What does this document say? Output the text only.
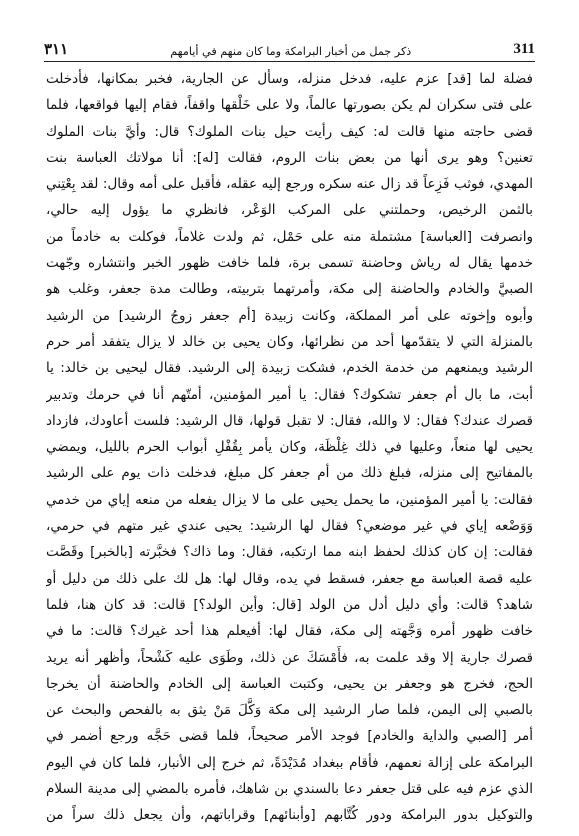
٣١١	ذكر جمل من أخبار البرامكة وما كان منهم في أيامهم	311
فضلة لما [قد] عزم عليه، فدخل منزله، وسأل عن الجارية، فخبر بمكانها، فأدخلت
على فتى سكران لم يكن بصورتها عالماً، ولا على خَلْقها واقفاً، فقام إليها فواقعها، فلما
قضى حاجته منها قالت له: كيف رأيت حيل بنات الملوك؟ قال: وأيَّ بنات الملوك
تعنين؟ وهو يرى أنها من بعض بنات الروم، فقالت [له]: أنا مولاتك العباسة بنت
المهدي، فوثب فَزِعاً قد زال عنه سكره ورجع إليه عقله، فأقبل على أمه وقال: لقد بِعْتِني
بالثمن الرخيص، وحملتني على المركب الوَعْر، فانظري ما يؤول إليه حالي،
وانصرفت [العباسة] مشتملة منه على حَمْل، ثم ولدت غلاماً، فوكلت به خادماً من
خدمها يقال له رياش وحاضنة تسمى برة، فلما خافت ظهور الخبر وانتشاره وجّهت
الصبيَّ والخادم والحاضنة إلى مكة، وأمرتهما بتربيته، وطالت مدة جعفر، وغلب هو
وأبوه وإخوته على أمر المملكة، وكانت زبيدة [أم جعفر زوجُ الرشيد] من الرشيد
بالمنزلة التي لا يتقدّمها أحد من نظرائها، وكان يحيى بن خالد لا يزال يتفقد أمر حرم
الرشيد ويمنعهم من خدمة الخدم، فشكت زبيدة إلى الرشيد. فقال ليحيى بن خالد: يا
أبت، ما بال أم جعفر تشكوك؟ فقال: يا أمير المؤمنين، أمتّهم أنا في حرمك وتدبير
قصرك عندك؟ فقال: لا والله، فقال: لا تقبل قولها، قال الرشيد: فلست أعاودك، فازداد
يحيى لها منعاً، وعليها في ذلك غِلْظَة، وكان يأمر بِقُفْلِ أبواب الحرم بالليل، ويمضي
بالمفاتيح إلى منزله، فبلغ ذلك من أم جعفر كل مبلغ، فدخلت ذات يوم على الرشيد
فقالت: يا أمير المؤمنين، ما يحمل يحيى على ما لا يزال يفعله من منعه إياي من خدمي
وَوَضْعه إياي في غير موضعي؟ فقال لها الرشيد: يحيى عندي غير متهم في حرمي،
فقالت: إن كان كذلك لحفظ ابنه مما ارتكبه، فقال: وما ذاك؟ فخبَّرته [بالخبر] وقَصَّت
عليه قصة العباسة مع جعفر، فسقط في يده، وقال لها: هل لك على ذلك من دليل أو
شاهد؟ قالت: وأي دليل أدل من الولد [قال: وأين الولد؟] قالت: قد كان هنا، فلما
خافت ظهور أمره وَجَّهته إلى مكة، فقال لها: أفيعلم هذا أحد غيرك؟ قالت: ما في
قصرك جارية إلا وقد علمت به، فأَمْسَكَ عن ذلك، وطَوَى عليه كَشْحاً، وأظهر أنه يريد
الحج، فخرج هو وجعفر بن يحيى، وكتبت العباسة إلى الخادم والحاضنة أن يخرجا
بالصبي إلى اليمن، فلما صار الرشيد إلى مكة وَكَّلَ مَنْ يثق به بالفحص والبحث عن
أمر [الصبي والداية والخادم] فوجد الأمر صحيحاً، فلما قضى حَجَّه ورجع أضمر في
البرامكة على إزالة نعمهم، فأقام ببغداد مُدَيْدَةً، ثم خرج إلى الأنبار، فلما كان في اليوم
الذي عزم فيه على قتل جعفر دعا بالسندي بن شاهك، فأمره بالمضي إلى مدينة السلام
والتوكيل بدور البرامكة ودور كُتَّابهم [وأبنائهم] وقراباتهم، وأن يجعل ذلك سراً من
